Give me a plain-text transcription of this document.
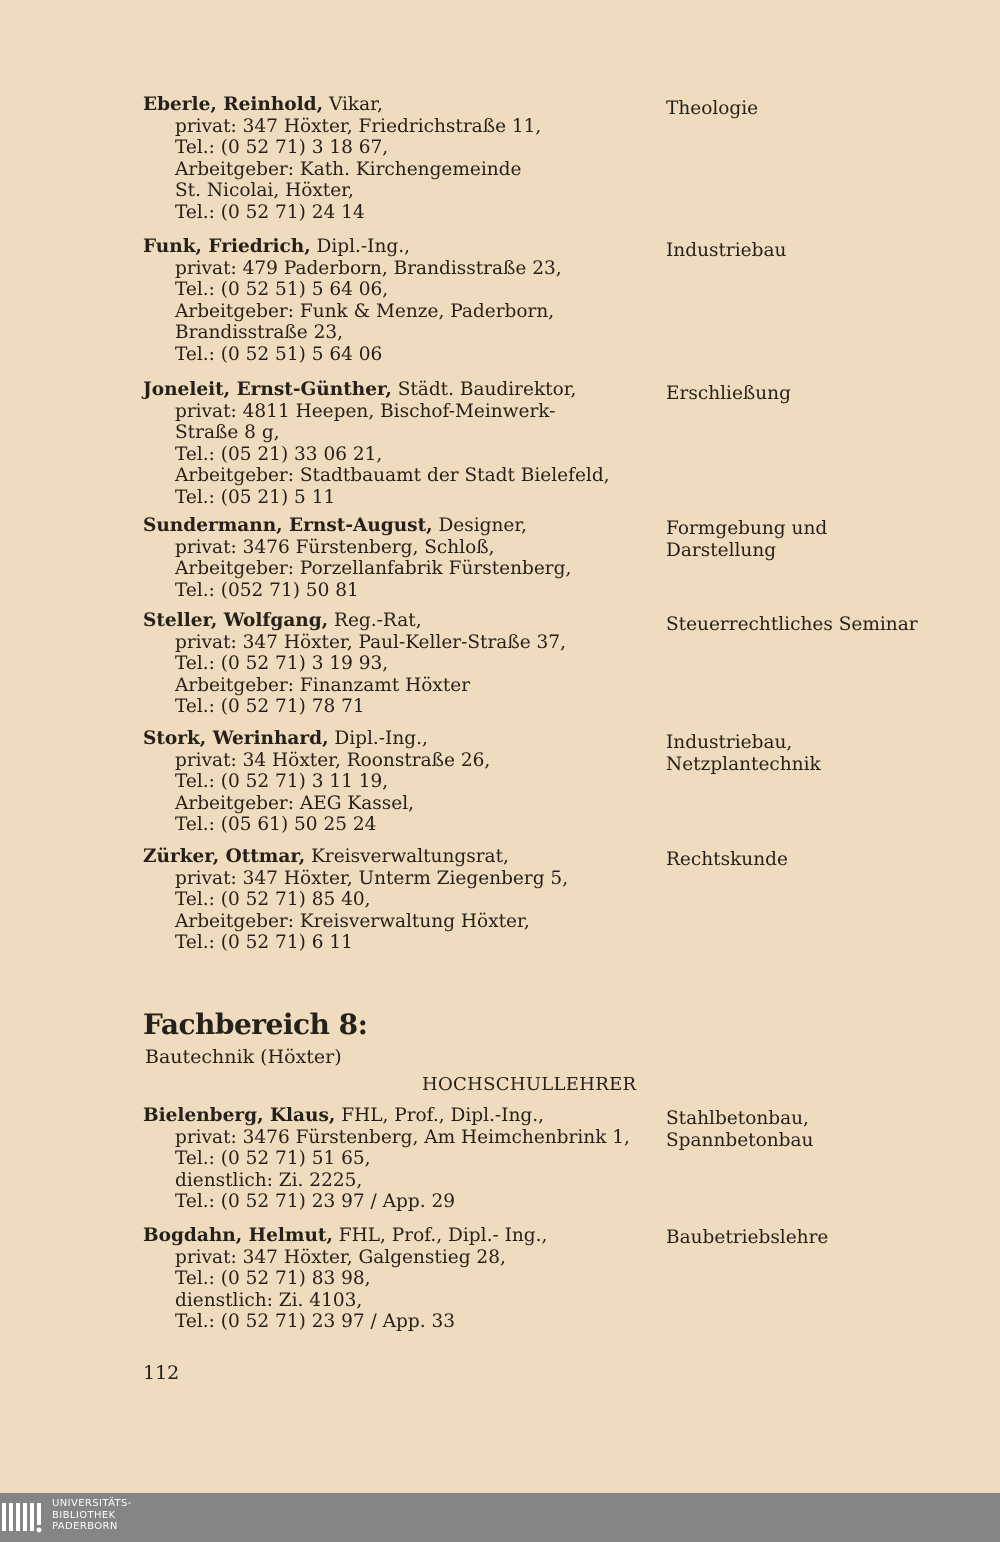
Eberle, Reinhold, Vikar,
privat: 347 Höxter, Friedrichstraße 11,
Tel.: (0 52 71) 3 18 67,
Arbeitgeber: Kath. Kirchengemeinde
St. Nicolai, Höxter,
Tel.: (0 52 71) 24 14
Theologie
Funk, Friedrich, Dipl.-Ing.,
privat: 479 Paderborn, Brandisstraße 23,
Tel.: (0 52 51) 5 64 06,
Arbeitgeber: Funk & Menze, Paderborn,
Brandisstraße 23,
Tel.: (0 52 51) 5 64 06
Industriebau
Joneleit, Ernst-Günther, Städt. Baudirektor,
privat: 4811 Heepen, Bischof-Meinwerk-
Straße 8 g,
Tel.: (05 21) 33 06 21,
Arbeitgeber: Stadtbauamt der Stadt Bielefeld,
Tel.: (05 21) 5 11
Erschließung
Sundermann, Ernst-August, Designer,
privat: 3476 Fürstenberg, Schloß,
Arbeitgeber: Porzellanfabrik Fürstenberg,
Tel.: (052 71) 50 81
Formgebung und
Darstellung
Steller, Wolfgang, Reg.-Rat,
privat: 347 Höxter, Paul-Keller-Straße 37,
Tel.: (0 52 71) 3 19 93,
Arbeitgeber: Finanzamt Höxter
Tel.: (0 52 71) 78 71
Steuerrechtliches Seminar
Stork, Werinhard, Dipl.-Ing.,
privat: 34 Höxter, Roonstraße 26,
Tel.: (0 52 71) 3 11 19,
Arbeitgeber: AEG Kassel,
Tel.: (05 61) 50 25 24
Industriebau,
Netzplantechnik
Zürker, Ottmar, Kreisverwaltungsrat,
privat: 347 Höxter, Unterm Ziegenberg 5,
Tel.: (0 52 71) 85 40,
Arbeitgeber: Kreisverwaltung Höxter,
Tel.: (0 52 71) 6 11
Rechtskunde
Fachbereich 8:
Bautechnik (Höxter)
HOCHSCHULLEHRER
Bielenberg, Klaus, FHL, Prof., Dipl.-Ing.,
privat: 3476 Fürstenberg, Am Heimchenbrink 1,
Tel.: (0 52 71) 51 65,
dienstlich: Zi. 2225,
Tel.: (0 52 71) 23 97 / App. 29
Stahlbetonbau,
Spannbetonbau
Bogdahn, Helmut, FHL, Prof., Dipl.- Ing.,
privat: 347 Höxter, Galgenstieg 28,
Tel.: (0 52 71) 83 98,
dienstlich: Zi. 4103,
Tel.: (0 52 71) 23 97 / App. 33
Baubetriebslehre
112
UNIVERSITÄTS-
BIBLIOTHEK
PADERBORN
